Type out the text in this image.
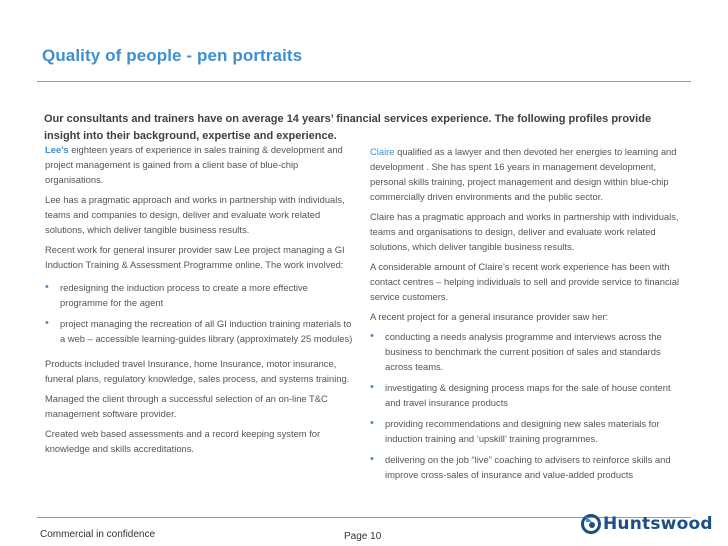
Quality of people - pen portraits
Our consultants and trainers have on average 14 years’ financial services experience. The following profiles provide insight into their background, expertise and experience.

Lee’s eighteen years of experience in sales training & development and project management is gained from a client base of blue-chip organisations.

Lee has a pragmatic approach and works in partnership with individuals, teams and companies to design, deliver and evaluate work related solutions, which deliver tangible business results.

Recent work for general insurer provider saw Lee project managing a GI Induction Training & Assessment Programme online. The work involved:

• redesigning the induction process to create a more effective programme for the agent
• project managing the recreation of all GI induction training materials to a web – accessible learning-guides library (approximately 25 modules)

Products included travel Insurance, home Insurance, motor insurance, funeral plans, regulatory knowledge, sales process, and systems training.

Managed the client through a successful selection of an on-line T&C management software provider.

Created web based assessments and a record keeping system for knowledge and skills accreditations.

Claire qualified as a lawyer and then devoted her energies to learning and development . She has spent 16 years in management development, personal skills training, project management and design within blue-chip commercially driven environments and the public sector.

Claire has a pragmatic approach and works in partnership with individuals, teams and organisations to design, deliver and evaluate work related solutions, which deliver tangible business results.

A considerable amount of Claire’s recent work experience has been with contact centres – helping individuals to sell and provide service to financial service customers.

A recent project for a general insurance provider saw her:

• conducting a needs analysis programme and interviews across the business to benchmark the current position of sales and standards across teams.
• investigating & designing process maps for the sale of house content and travel insurance products
• providing recommendations and designing new sales materials for induction training and ‘upskill’ training programmes.
• delivering on the job “live” coaching to advisers to reinforce skills and improve cross-sales of insurance and value-added products
Commercial in confidence	Page 10
Huntswood
